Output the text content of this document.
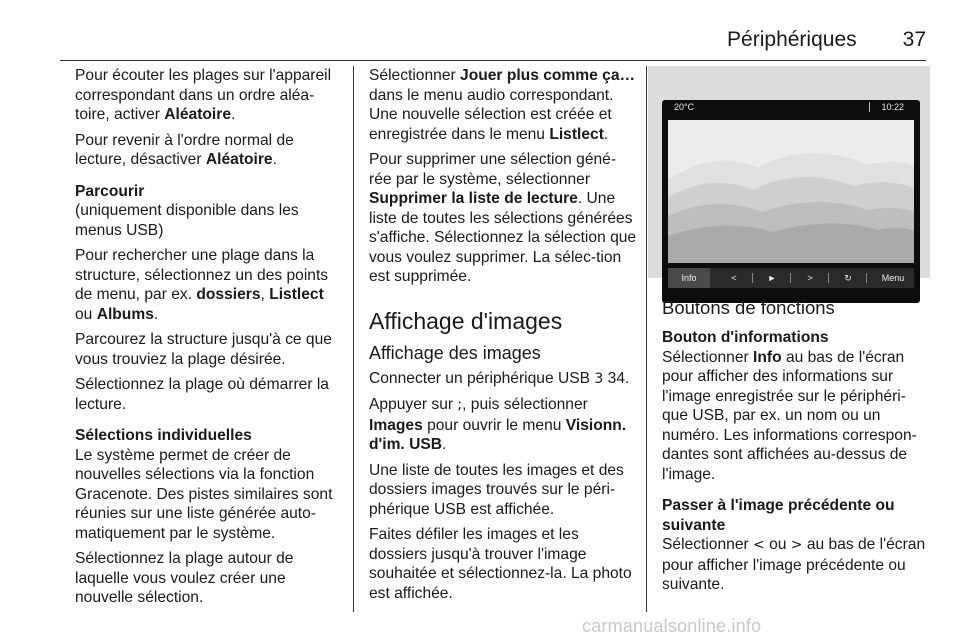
Périphériques 37

Pour écouter les plages sur l'appareil correspondant dans un ordre aléa-toire, activer Aléatoire.

Pour revenir à l'ordre normal de lecture, désactiver Aléatoire.

Parcourir

(uniquement disponible dans les menus USB)

Pour rechercher une plage dans la structure, sélectionnez un des points de menu, par ex. dossiers, Listlect ou Albums.

Parcourez la structure jusqu'à ce que vous trouviez la plage désirée.

Sélectionnez la plage où démarrer la lecture.

Sélections individuelles

Le système permet de créer de nouvelles sélections via la fonction Gracenote. Des pistes similaires sont réunies sur une liste générée auto-matiquement par le système.

Sélectionnez la plage autour de laquelle vous voulez créer une nouvelle sélection.

Sélectionner Jouer plus comme ça… dans le menu audio correspondant. Une nouvelle sélection est créée et enregistrée dans le menu Listlect.

Pour supprimer une sélection géné-rée par le système, sélectionner Supprimer la liste de lecture. Une liste de toutes les sélections générées s'affiche. Sélectionnez la sélection que vous voulez supprimer. La sélec-tion est supprimée.

Affichage d'images
Affichage des images

Connecter un périphérique USB 3 34.

Appuyer sur ;, puis sélectionner Images pour ouvrir le menu Visionn. d'im. USB.

Une liste de toutes les images et des dossiers images trouvés sur le péri-phérique USB est affichée.

Faites défiler les images et les dossiers jusqu'à trouver l'image souhaitée et sélectionnez-la. La photo est affichée.

20°C	10:22
Info	<	►	>	↻	Menu
Boutons de fonctions

Bouton d'informations

Sélectionner Info au bas de l'écran pour afficher des informations sur l'image enregistrée sur le périphéri-que USB, par ex. un nom ou un numéro. Les informations correspon-dantes sont affichées au-dessus de l'image.

Passer à l'image précédente ou suivante

Sélectionner < ou > au bas de l'écran pour afficher l'image précédente ou suivante.

carmanualsonline.info
